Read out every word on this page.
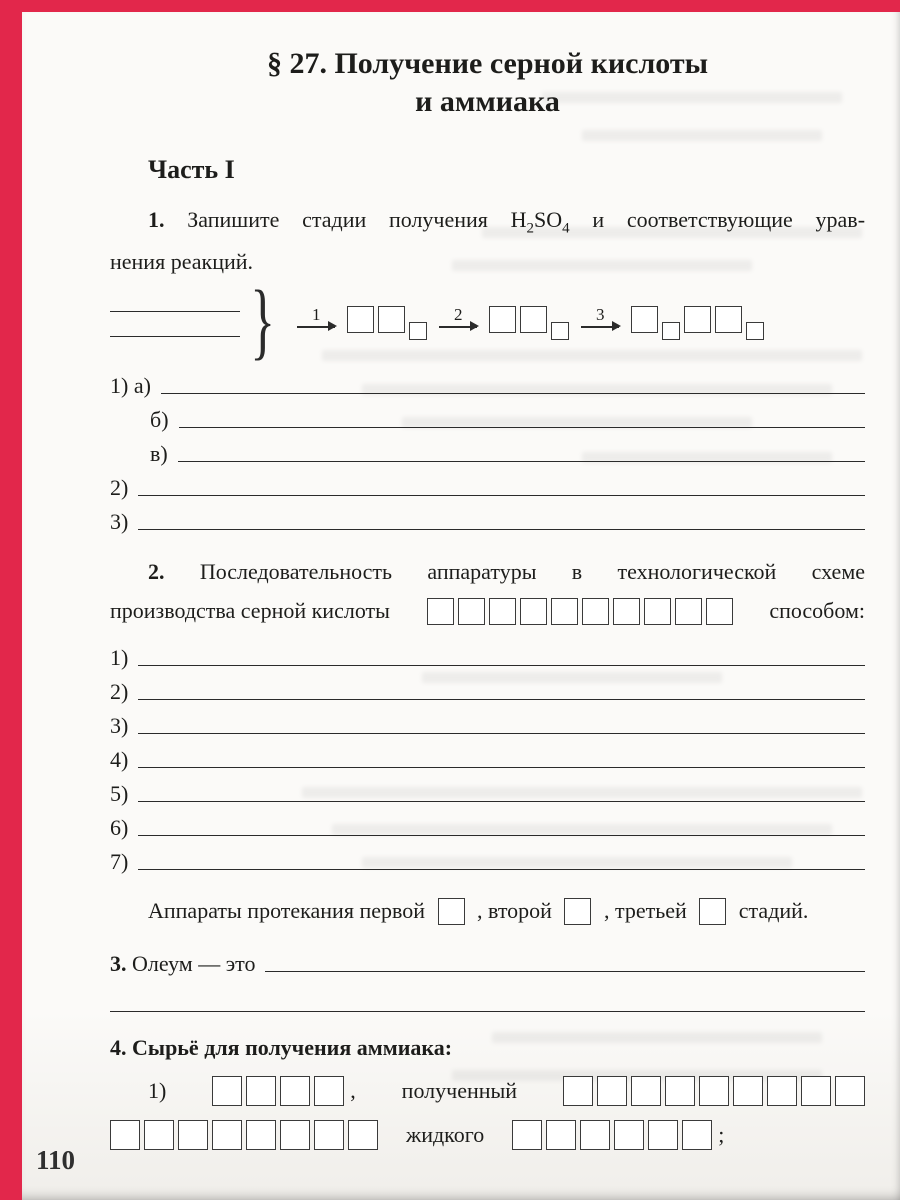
§ 27. Получение серной кислоты
и аммиака
Часть I

1. Запишите стадии получения $H_2SO_4$ и соответствующие урав-

нения реакций.

} 1	2	3
1) а)
б)
в)
2)
3)

2. Последовательность аппаратуры в технологической схеме

производства серной кислоты	способом:
1)
2)
3)
4)
5)
6)
7)
Аппараты протекания первой , второй , третьей стадий.
3. Олеум — это
4. Сырьё для получения аммиака:
1)	, полученный
жидкого	;
110
